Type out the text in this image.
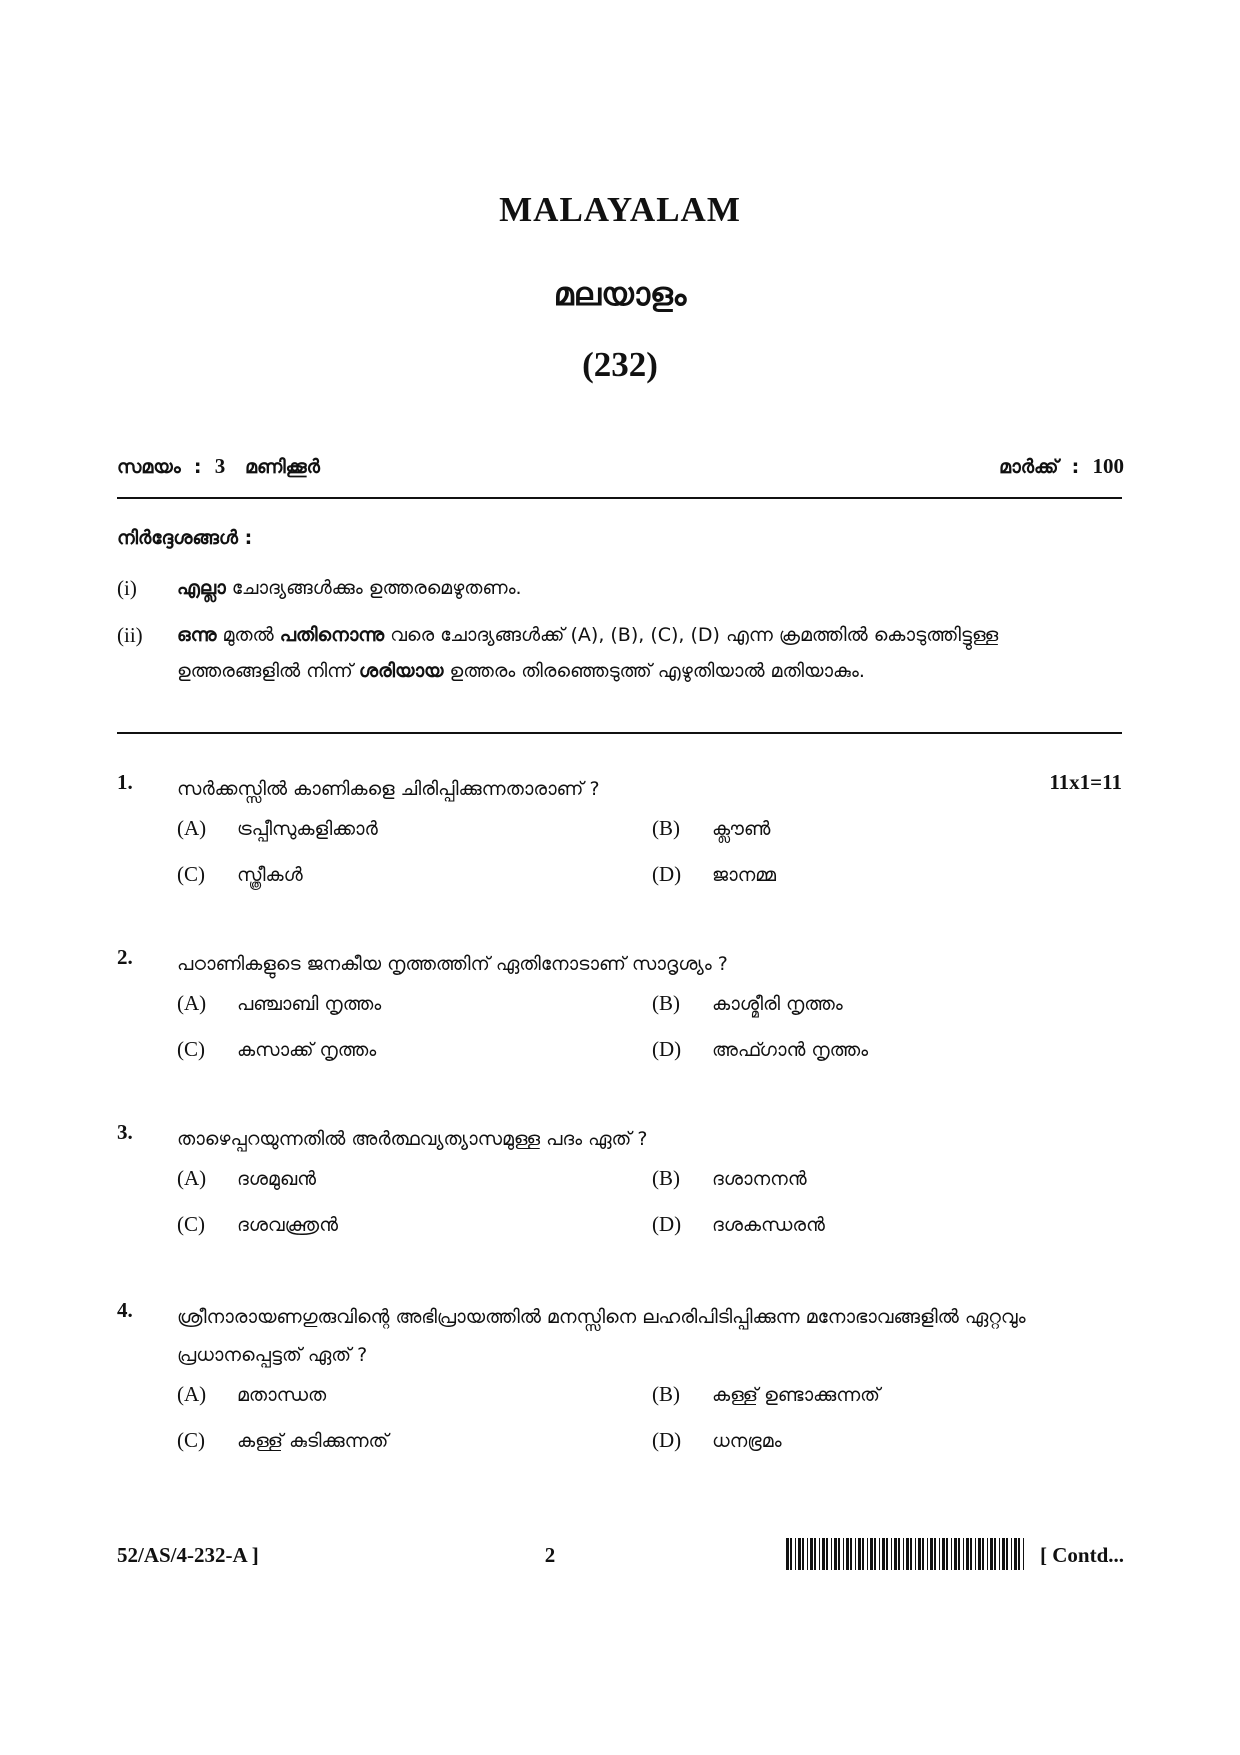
MALAYALAM
മലയാളം
(232)
സമയം  :  3 മണിക്കൂർ	മാർക്ക്  :  100
നിർദ്ദേശങ്ങൾ :
(i) എല്ലാ ചോദ്യങ്ങൾക്കും ഉത്തരമെഴുതണം.
(ii) ഒന്നു മുതൽ പതിനൊന്നു വരെ ചോദ്യങ്ങൾക്ക് (A), (B), (C), (D) എന്ന ക്രമത്തിൽ കൊടുത്തിട്ടുള്ള ഉത്തരങ്ങളിൽ നിന്ന് ശരിയായ ഉത്തരം തിരഞ്ഞെടുത്ത് എഴുതിയാൽ മതിയാകും.
1.	11x1=11
സർക്കസ്സിൽ കാണികളെ ചിരിപ്പിക്കുന്നതാരാണ് ?
(A) ട്രപ്പീസുകളിക്കാർ	(B) ക്ലൗൺ
(C) സ്ത്രീകൾ	(D) ജാനമ്മ
2. പഠാണികളുടെ ജനകീയ നൃത്തത്തിന് ഏതിനോടാണ് സാദൃശ്യം ?
(A) പഞ്ചാബി നൃത്തം	(B) കാശ്മീരി നൃത്തം
(C) കസാക്ക് നൃത്തം	(D) അഫ്ഗാൻ നൃത്തം
3. താഴെപ്പറയുന്നതിൽ അർത്ഥവ്യത്യാസമുള്ള പദം ഏത് ?
(A) ദശമുഖൻ	(B) ദശാനനൻ
(C) ദശവക്ത്രൻ	(D) ദശകന്ധരൻ
4. ശ്രീനാരായണഗുരുവിന്റെ അഭിപ്രായത്തിൽ മനസ്സിനെ ലഹരിപിടിപ്പിക്കുന്ന മനോഭാവങ്ങളിൽ ഏറ്റവും പ്രധാനപ്പെട്ടത് ഏത് ?
(A) മതാന്ധത	(B) കള്ള് ഉണ്ടാക്കുന്നത്
(C) കള്ള് കുടിക്കുന്നത്	(D) ധനഭ്രമം
52/AS/4-232-A ]	2	[ Contd...
